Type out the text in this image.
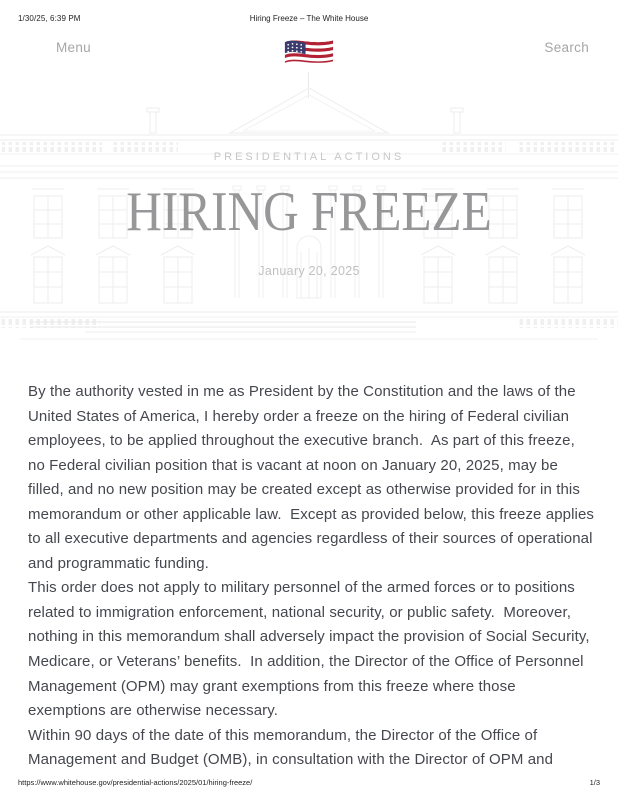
1/30/25, 6:39 PM	Hiring Freeze – The White House
Menu	Search
PRESIDENTIAL ACTIONS
HIRING FREEZE
January 20, 2025

By the authority vested in me as President by the Constitution and the laws of the United States of America, I hereby order a freeze on the hiring of Federal civilian employees, to be applied throughout the executive branch.  As part of this freeze, no Federal civilian position that is vacant at noon on January 20, 2025, may be filled, and no new position may be created except as otherwise provided for in this memorandum or other applicable law.  Except as provided below, this freeze applies to all executive departments and agencies regardless of their sources of operational and programmatic funding.

This order does not apply to military personnel of the armed forces or to positions related to immigration enforcement, national security, or public safety.  Moreover, nothing in this memorandum shall adversely impact the provision of Social Security, Medicare, or Veterans’ benefits.  In addition, the Director of the Office of Personnel Management (OPM) may grant exemptions from this freeze where those exemptions are otherwise necessary.

Within 90 days of the date of this memorandum, the Director of the Office of Management and Budget (OMB), in consultation with the Director of OPM and

https://www.whitehouse.gov/presidential-actions/2025/01/hiring-freeze/	1/3
